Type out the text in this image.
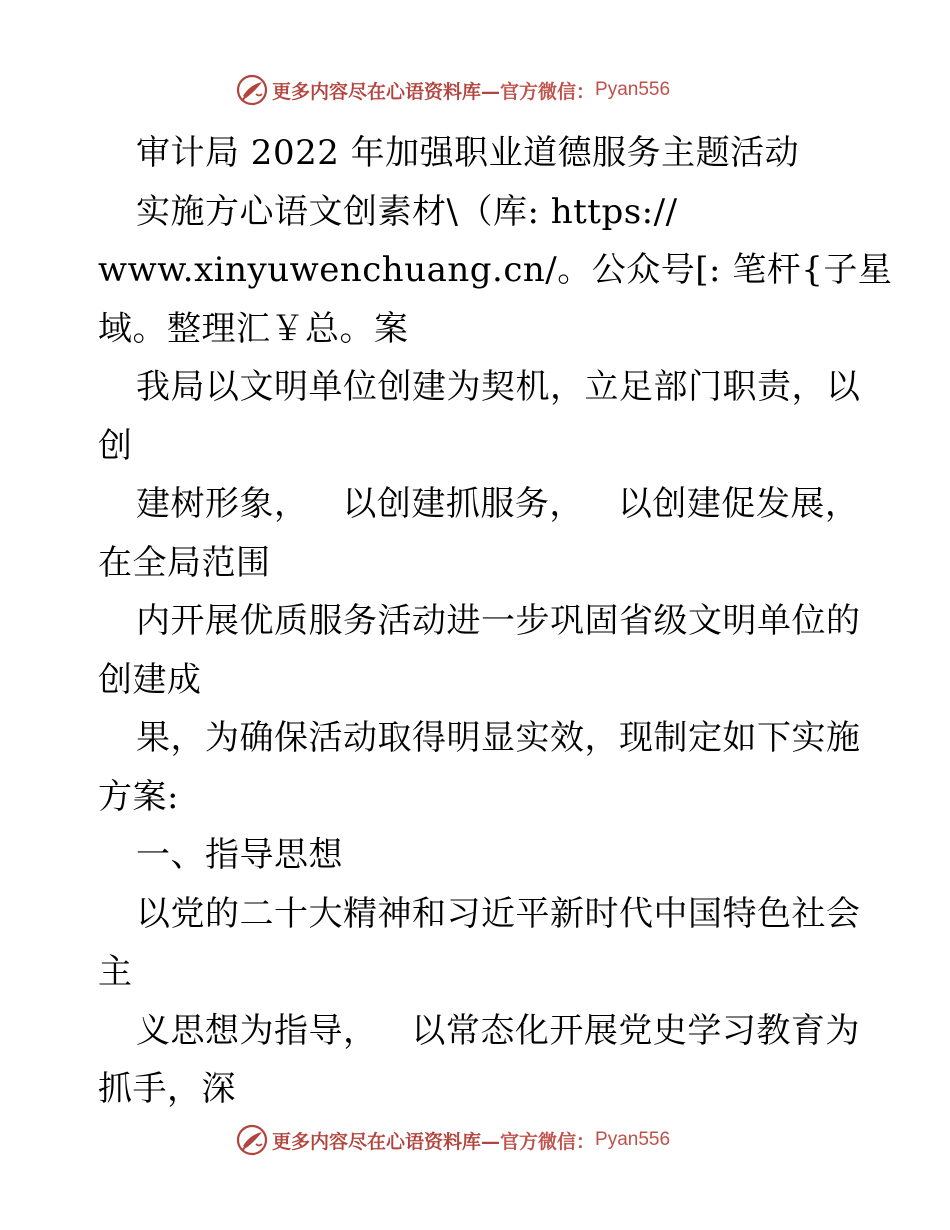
更多内容尽在心语资料库— 官方微信： Pyan556
审计局 2022 年加强职业道德服务主题活动
实施方心语文创素材\（库: https://
www.xinyuwenchuang.cn/。公众号[: 笔杆{子星
域。整理汇￥总。案
我局以文明单位创建为契机，立足部门职责，以
创
建树形象，   以创建抓服务，   以创建促发展，
在全局范围
内开展优质服务活动进一步巩固省级文明单位的
创建成
果，为确保活动取得明显实效，现制定如下实施
方案:
一、指导思想
以党的二十大精神和习近平新时代中国特色社会
主
义思想为指导，   以常态化开展党史学习教育为
抓手，深
更多内容尽在心语资料库— 官方微信： Pyan556
